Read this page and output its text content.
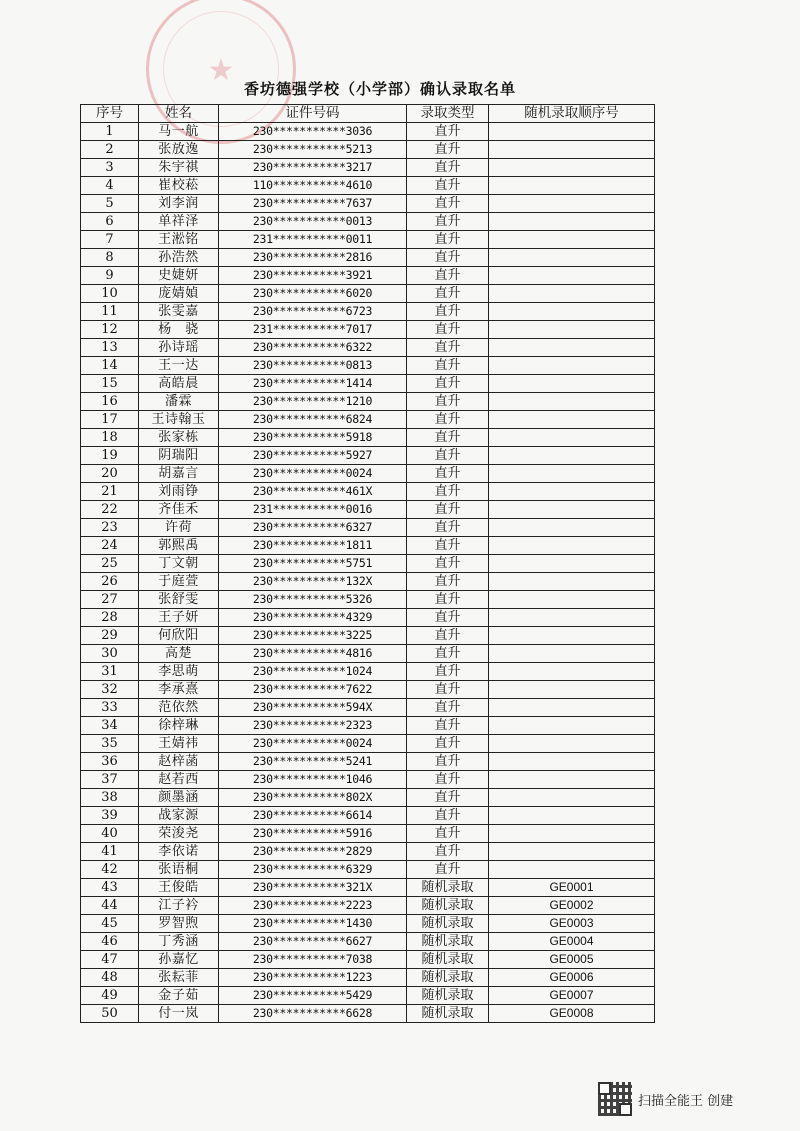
★
香坊德强学校（小学部）确认录取名单
序号	姓名	证件号码	录取类型	随机录取顺序号
1	马一航	230***********3036	直升	
2	张放逸	230***********5213	直升	
3	朱宇祺	230***********3217	直升	
4	崔校菘	110***********4610	直升	
5	刘李润	230***********7637	直升	
6	单祥泽	230***********0013	直升	
7	王淞铭	231***********0011	直升	
8	孙浩然	230***********2816	直升	
9	史婕妍	230***********3921	直升	
10	庞婧媜	230***********6020	直升	
11	张雯嘉	230***********6723	直升	
12	杨　骁	231***********7017	直升	
13	孙诗瑶	230***********6322	直升	
14	王一达	230***********0813	直升	
15	高皓晨	230***********1414	直升	
16	潘霖	230***********1210	直升	
17	王诗翰玉	230***********6824	直升	
18	张家栋	230***********5918	直升	
19	阴瑞阳	230***********5927	直升	
20	胡嘉言	230***********0024	直升	
21	刘雨铮	230***********461X	直升	
22	齐佳禾	231***********0016	直升	
23	许荷	230***********6327	直升	
24	郭熙禹	230***********1811	直升	
25	丁文朝	230***********5751	直升	
26	于庭萱	230***********132X	直升	
27	张舒雯	230***********5326	直升	
28	王子妍	230***********4329	直升	
29	何欣阳	230***********3225	直升	
30	高楚	230***********4816	直升	
31	李思萌	230***********1024	直升	
32	李承熹	230***********7622	直升	
33	范依然	230***********594X	直升	
34	徐梓琳	230***********2323	直升	
35	王婧祎	230***********0024	直升	
36	赵梓菡	230***********5241	直升	
37	赵若西	230***********1046	直升	
38	颜墨涵	230***********802X	直升	
39	战家源	230***********6614	直升	
40	荣浚尧	230***********5916	直升	
41	李依诺	230***********2829	直升	
42	张语桐	230***********6329	直升	
43	王俊皓	230***********321X	随机录取	GE0001
44	江子衿	230***********2223	随机录取	GE0002
45	罗智煦	230***********1430	随机录取	GE0003
46	丁秀涵	230***********6627	随机录取	GE0004
47	孙嘉忆	230***********7038	随机录取	GE0005
48	张耘菲	230***********1223	随机录取	GE0006
49	金子茹	230***********5429	随机录取	GE0007
50	付一岚	230***********6628	随机录取	GE0008
扫描全能王 创建
